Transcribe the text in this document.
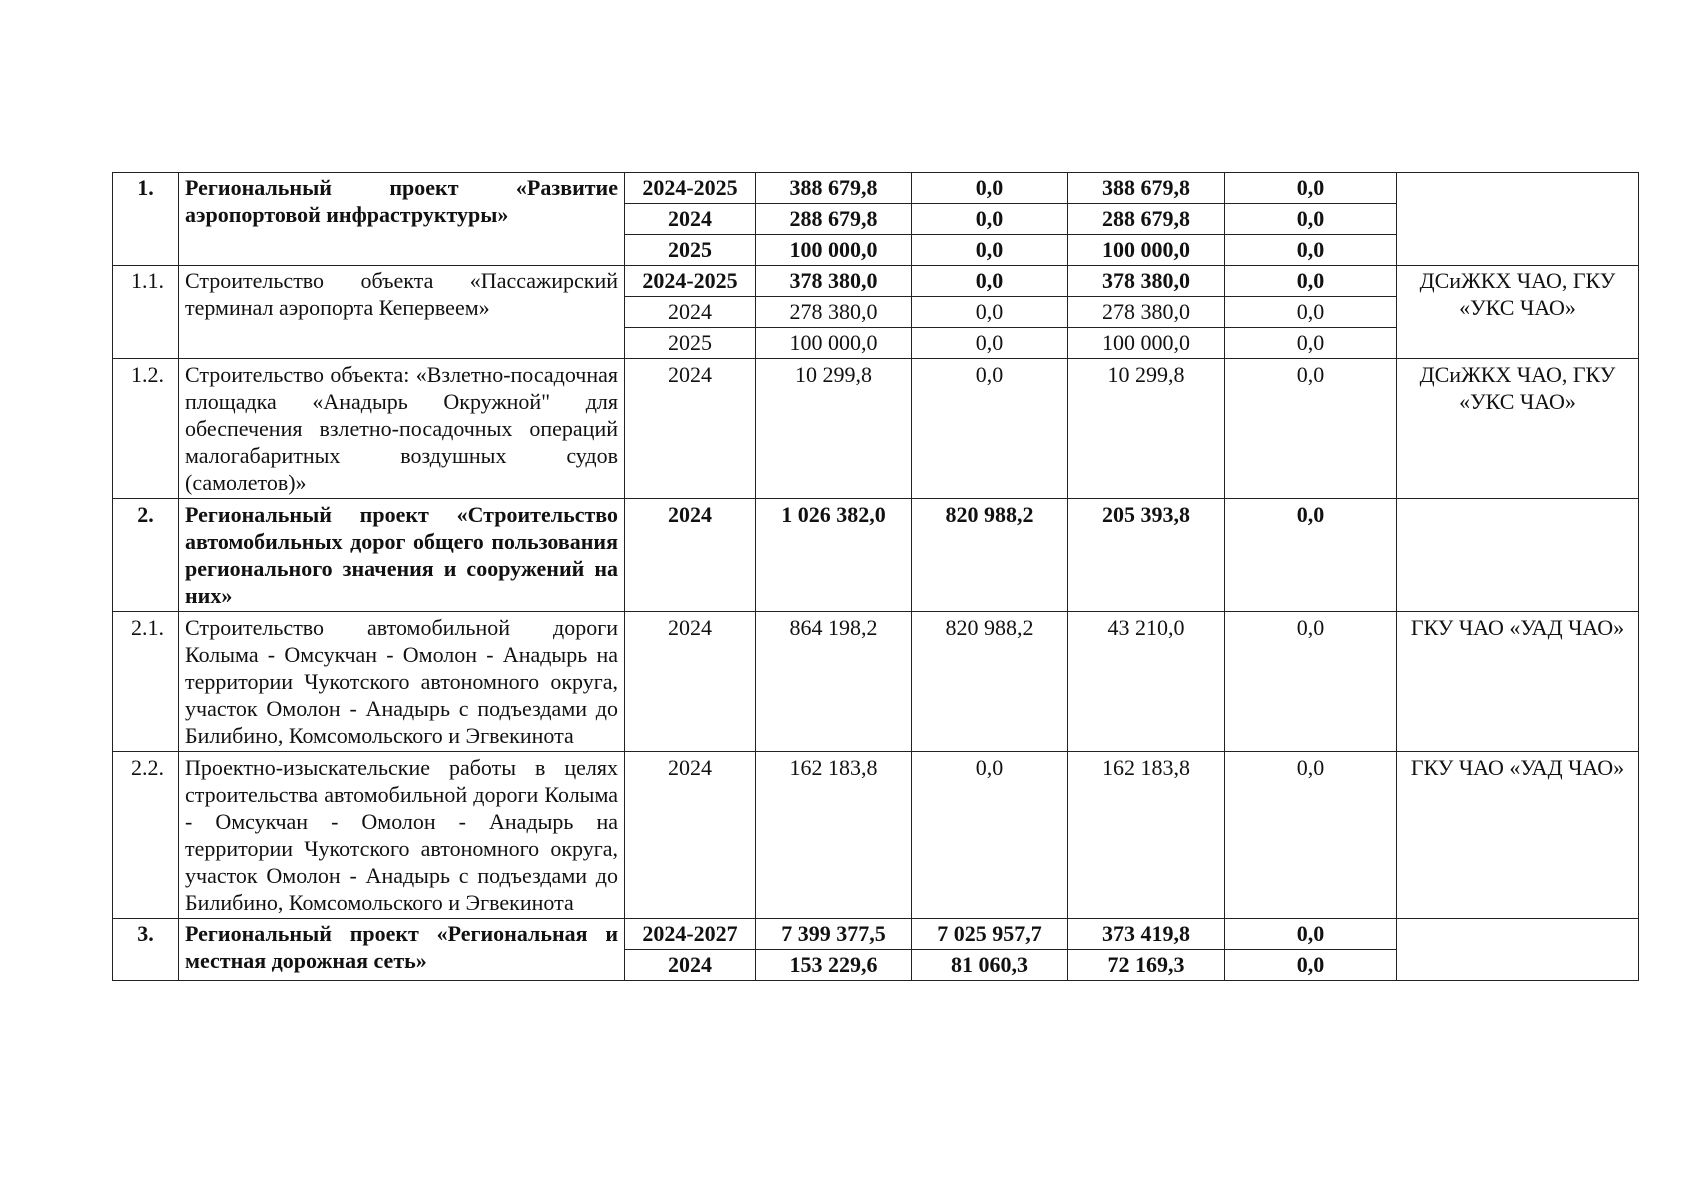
1.	Региональный проект «Развитие аэропортовой инфраструктуры»	2024-2025	388 679,8	0,0	388 679,8	0,0	
		2024	288 679,8	0,0	288 679,8	0,0	
		2025	100 000,0	0,0	100 000,0	0,0	
1.1.	Строительство объекта «Пассажирский терминал аэропорта Кепервеем»	2024-2025	378 380,0	0,0	378 380,0	0,0	ДСиЖКХ ЧАО, ГКУ «УКС ЧАО»
		2024	278 380,0	0,0	278 380,0	0,0	
		2025	100 000,0	0,0	100 000,0	0,0	
1.2.	Строительство объекта: «Взлетно-посадочная площадка «Анадырь Окружной" для обеспечения взлетно-посадочных операций малогабаритных воздушных судов (самолетов)»	2024	10 299,8	0,0	10 299,8	0,0	ДСиЖКХ ЧАО, ГКУ «УКС ЧАО»
2.	Региональный проект «Строительство автомобильных дорог общего пользования регионального значения и сооружений на них»	2024	1 026 382,0	820 988,2	205 393,8	0,0	
2.1.	Строительство автомобильной дороги Колыма - Омсукчан - Омолон - Анадырь на территории Чукотского автономного округа, участок Омолон - Анадырь с подъездами до Билибино, Комсомольского и Эгвекинота	2024	864 198,2	820 988,2	43 210,0	0,0	ГКУ ЧАО «УАД ЧАО»
2.2.	Проектно-изыскательские работы в целях строительства автомобильной дороги Колыма - Омсукчан - Омолон - Анадырь на территории Чукотского автономного округа, участок Омолон - Анадырь с подъездами до Билибино, Комсомольского и Эгвекинота	2024	162 183,8	0,0	162 183,8	0,0	ГКУ ЧАО «УАД ЧАО»
3.	Региональный проект «Региональная и местная дорожная сеть»	2024-2027	7 399 377,5	7 025 957,7	373 419,8	0,0	
		2024	153 229,6	81 060,3	72 169,3	0,0	
